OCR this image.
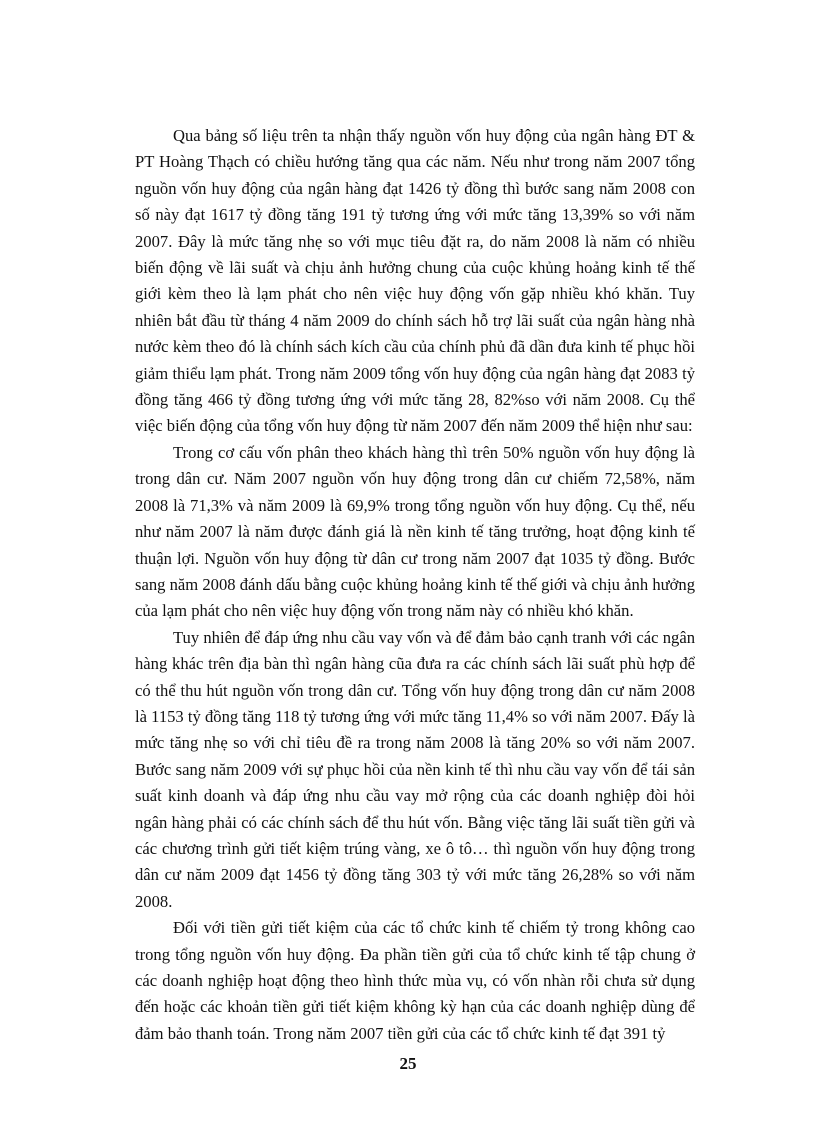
Qua bảng số liệu trên ta nhận thấy nguồn vốn huy động của ngân hàng ĐT & PT Hoàng Thạch có chiều hướng tăng qua các năm. Nếu như trong năm 2007 tổng nguồn vốn huy động của ngân hàng đạt 1426 tỷ đồng thì bước sang năm 2008 con số này đạt 1617 tỷ đồng tăng 191 tỷ tương ứng với mức tăng 13,39% so với năm 2007. Đây là mức tăng nhẹ so với mục tiêu đặt ra, do năm 2008 là năm có nhiều biến động về lãi suất và chịu ảnh hưởng chung của cuộc khủng hoảng kinh tế thế giới kèm theo là lạm phát cho nên việc huy động vốn gặp nhiều khó khăn. Tuy nhiên bắt đầu từ tháng 4 năm 2009 do chính sách hỗ trợ lãi suất của ngân hàng nhà nước kèm theo đó là chính sách kích cầu của chính phủ đã dần đưa kinh tế phục hồi giảm thiểu lạm phát. Trong năm 2009 tổng vốn huy động của ngân hàng đạt 2083 tỷ đồng tăng 466 tỷ đồng tương ứng với mức tăng 28, 82%so với năm 2008. Cụ thể việc biến động của tổng vốn huy động từ năm 2007 đến năm 2009 thể hiện như sau:

Trong cơ cấu vốn phân theo khách hàng thì trên 50% nguồn vốn huy động là trong dân cư. Năm 2007 nguồn vốn huy động trong dân cư chiếm 72,58%, năm 2008 là 71,3% và năm 2009 là 69,9% trong tổng nguồn vốn huy động. Cụ thể, nếu như năm 2007 là năm được đánh giá là nền kinh tế tăng trưởng, hoạt động kinh tế thuận lợi. Nguồn vốn huy động từ dân cư trong năm 2007 đạt 1035 tỷ đồng. Bước sang năm 2008 đánh dấu bằng cuộc khủng hoảng kinh tế thế giới và chịu ảnh hưởng của lạm phát cho nên việc huy động vốn trong năm này có nhiều khó khăn.

Tuy nhiên để đáp ứng nhu cầu vay vốn và để đảm bảo cạnh tranh với các ngân hàng khác trên địa bàn thì ngân hàng cũa đưa ra các chính sách lãi suất phù hợp để có thể thu hút nguồn vốn trong dân cư. Tổng vốn huy động trong dân cư năm 2008 là 1153 tỷ đồng tăng 118 tỷ tương ứng với mức tăng 11,4% so với năm 2007. Đấy là mức tăng nhẹ so với chỉ tiêu đề ra trong năm 2008 là tăng 20% so với năm 2007. Bước sang năm 2009 với sự phục hồi của nền kinh tế thì nhu cầu vay vốn để tái sản suất kinh doanh và đáp ứng nhu cầu vay mở rộng của các doanh nghiệp đòi hỏi ngân hàng phải có các chính sách để thu hút vốn. Bằng việc tăng lãi suất tiền gửi và các chương trình gửi tiết kiệm trúng vàng, xe ô tô… thì nguồn vốn huy động trong dân cư năm 2009 đạt 1456 tỷ đồng tăng 303 tỷ với mức tăng 26,28% so với năm 2008.

Đối với tiền gửi tiết kiệm của các tổ chức kinh tế chiếm tỷ trong không cao trong tổng nguồn vốn huy động. Đa phần tiền gửi của tổ chức kinh tế tập chung ở các doanh nghiệp hoạt động theo hình thức mùa vụ, có vốn nhàn rỗi chưa sử dụng đến hoặc các khoản tiền gửi tiết kiệm không kỳ hạn của các doanh nghiệp dùng để đảm bảo thanh toán. Trong năm 2007 tiền gửi của các tổ chức kinh tế đạt 391 tỷ

25
